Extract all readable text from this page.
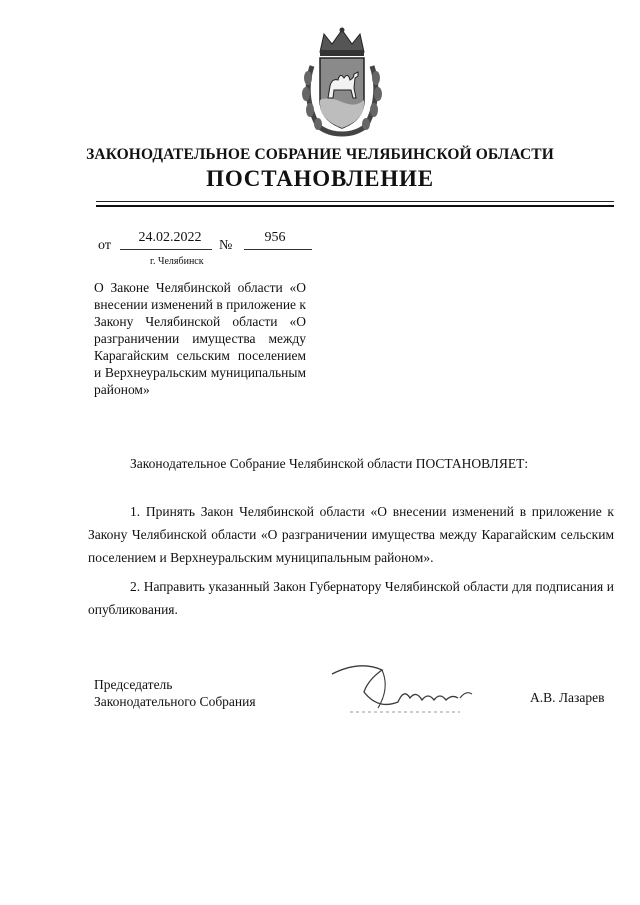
ЗАКОНОДАТЕЛЬНОЕ СОБРАНИЕ ЧЕЛЯБИНСКОЙ ОБЛАСТИ
ПОСТАНОВЛЕНИЕ
от
24.02.2022
№
956
г. Челябинск
О Законе Челябинской области «О внесении изменений в приложение к Закону Челябинской области «О разграничении имущества между Карагайским сельским поселением и Верхнеуральским муниципальным районом»
Законодательное Собрание Челябинской области ПОСТАНОВЛЯЕТ:
1. Принять Закон Челябинской области «О внесении изменений в приложение к Закону Челябинской области «О разграничении имущества между Карагайским сельским поселением и Верхнеуральским муниципальным районом».
2. Направить указанный Закон Губернатору Челябинской области для подписания и опубликования.
Председатель
Законодательного Собрания	А.В. Лазарев
